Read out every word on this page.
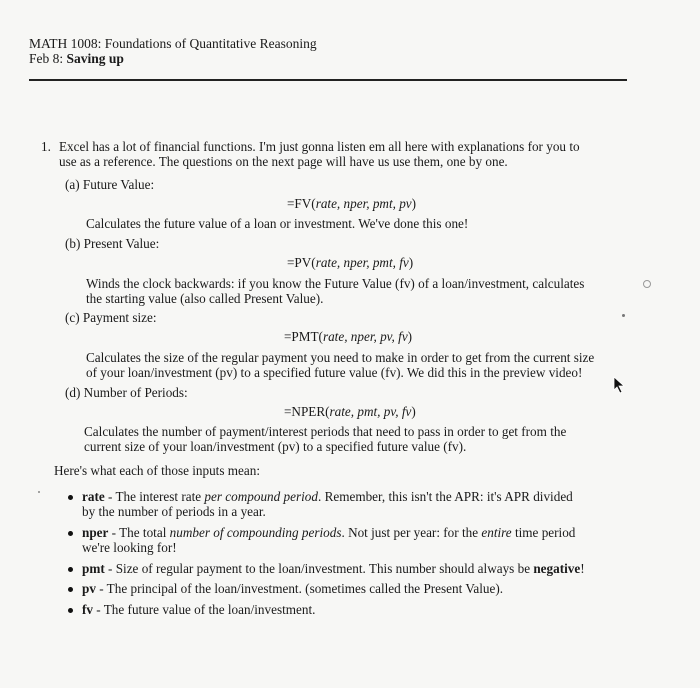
MATH 1008: Foundations of Quantitative Reasoning
Feb 8: Saving up
1. Excel has a lot of financial functions. I'm just gonna listen em all here with explanations for you to
use as a reference. The questions on the next page will have us use them, one by one.
(a) Future Value:
=FV(rate, nper, pmt, pv)
Calculates the future value of a loan or investment. We've done this one!
(b) Present Value:
=PV(rate, nper, pmt, fv)
Winds the clock backwards: if you know the Future Value (fv) of a loan/investment, calculates
the starting value (also called Present Value).
(c) Payment size:
=PMT(rate, nper, pv, fv)
Calculates the size of the regular payment you need to make in order to get from the current size
of your loan/investment (pv) to a specified future value (fv). We did this in the preview video!
(d) Number of Periods:
=NPER(rate, pmt, pv, fv)
Calculates the number of payment/interest periods that need to pass in order to get from the
current size of your loan/investment (pv) to a specified future value (fv).
Here's what each of those inputs mean:
rate - The interest rate per compound period. Remember, this isn't the APR: it's APR divided
by the number of periods in a year.
nper - The total number of compounding periods. Not just per year: for the entire time period
we're looking for!
pmt - Size of regular payment to the loan/investment. This number should always be negative!
pv - The principal of the loan/investment. (sometimes called the Present Value).
fv - The future value of the loan/investment.
